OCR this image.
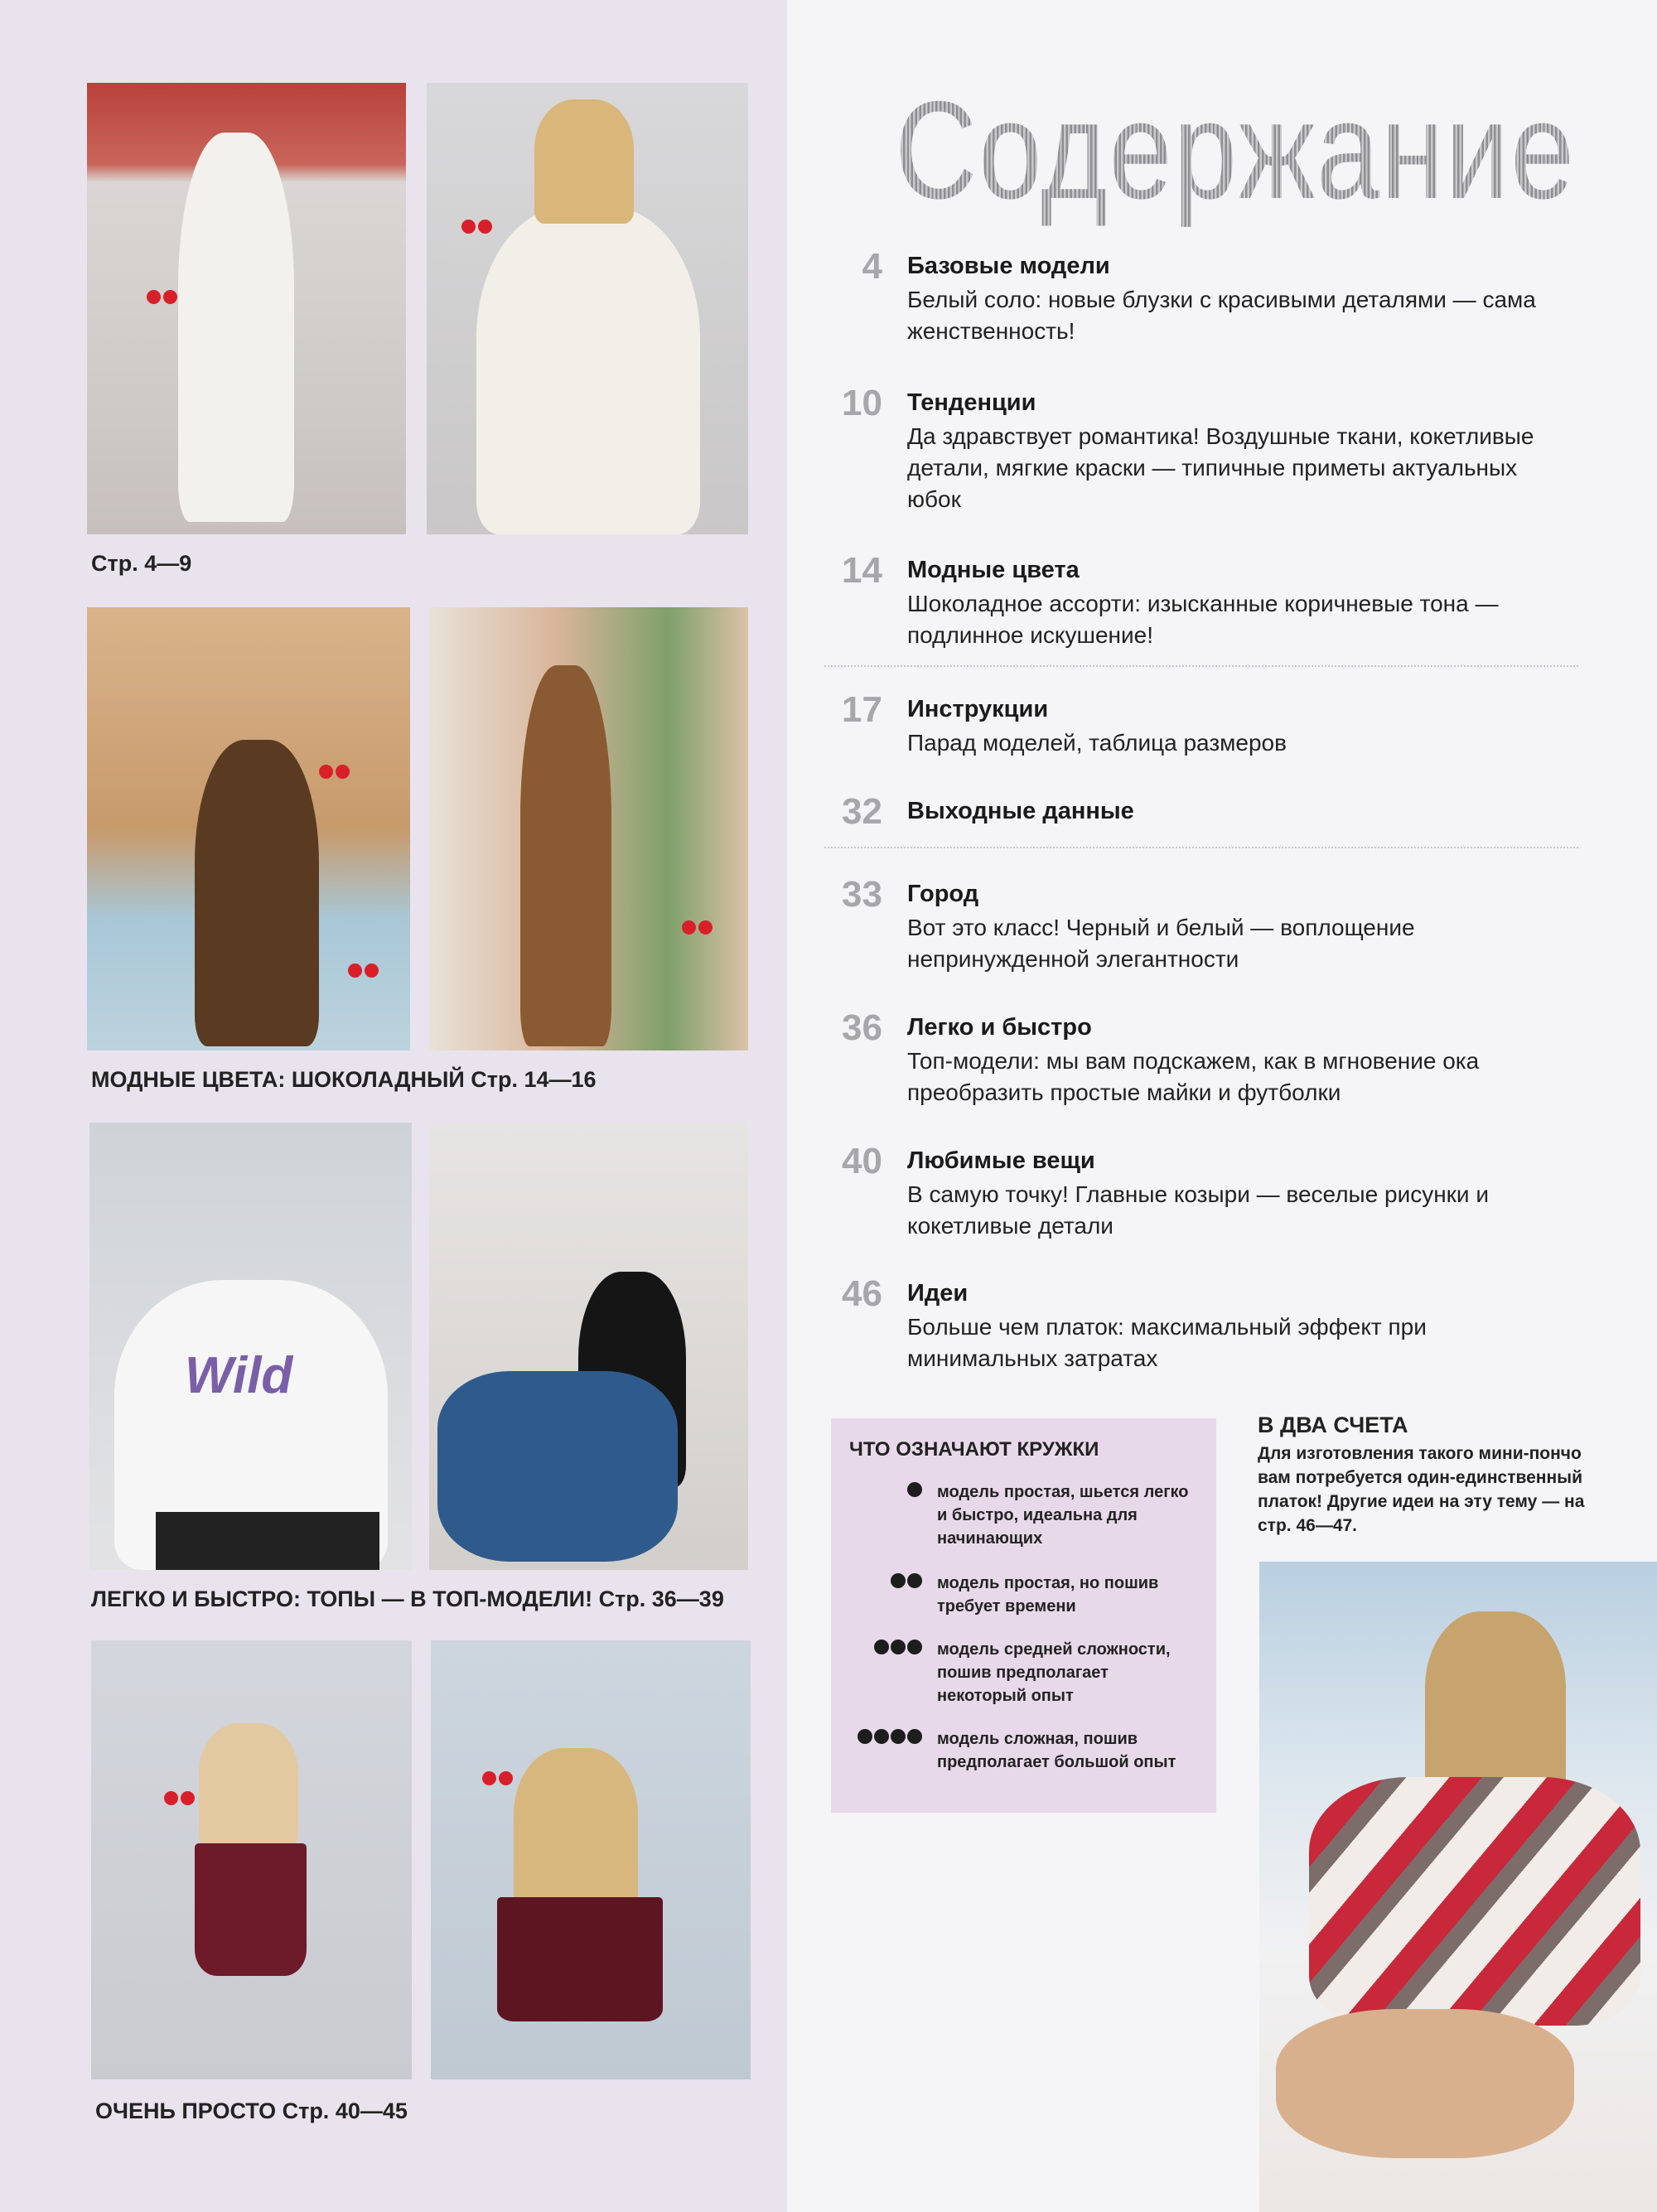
Стр. 4—9
МОДНЫЕ ЦВЕТА: ШОКОЛАДНЫЙ Стр. 14—16
Wild
ЛЕГКО И БЫСТРО: ТОПЫ — В ТОП-МОДЕЛИ! Стр. 36—39
ОЧЕНЬ ПРОСТО Стр. 40—45
Содержание
4 Базовые модели
Белый соло: новые блузки с красивыми деталями — сама женственность!
10 Тенденции
Да здравствует романтика! Воздушные ткани, кокетливые детали, мягкие краски — типичные приметы актуальных юбок
14 Модные цвета
Шоколадное ассорти: изысканные коричневые тона — подлинное искушение!
17 Инструкции
Парад моделей, таблица размеров
32 Выходные данные
33 Город
Вот это класс! Черный и белый — воплощение непринужденной элегантности
36 Легко и быстро
Топ-модели: мы вам подскажем, как в мгновение ока преобразить простые майки и футболки
40 Любимые вещи
В самую точку! Главные козыри — веселые рисунки и кокетливые детали
46 Идеи
Больше чем платок: максимальный эффект при минимальных затратах
ЧТО ОЗНАЧАЮТ КРУЖКИ
модель простая, шьется легко и быстро, идеальна для начинающих
модель простая, но пошив требует времени
модель средней сложности, пошив предполагает некоторый опыт
модель сложная, пошив предполагает большой опыт
В ДВА СЧЕТА
Для изготовления такого мини-пончо вам потребуется один-единственный платок! Другие идеи на эту тему — на стр. 46—47.
